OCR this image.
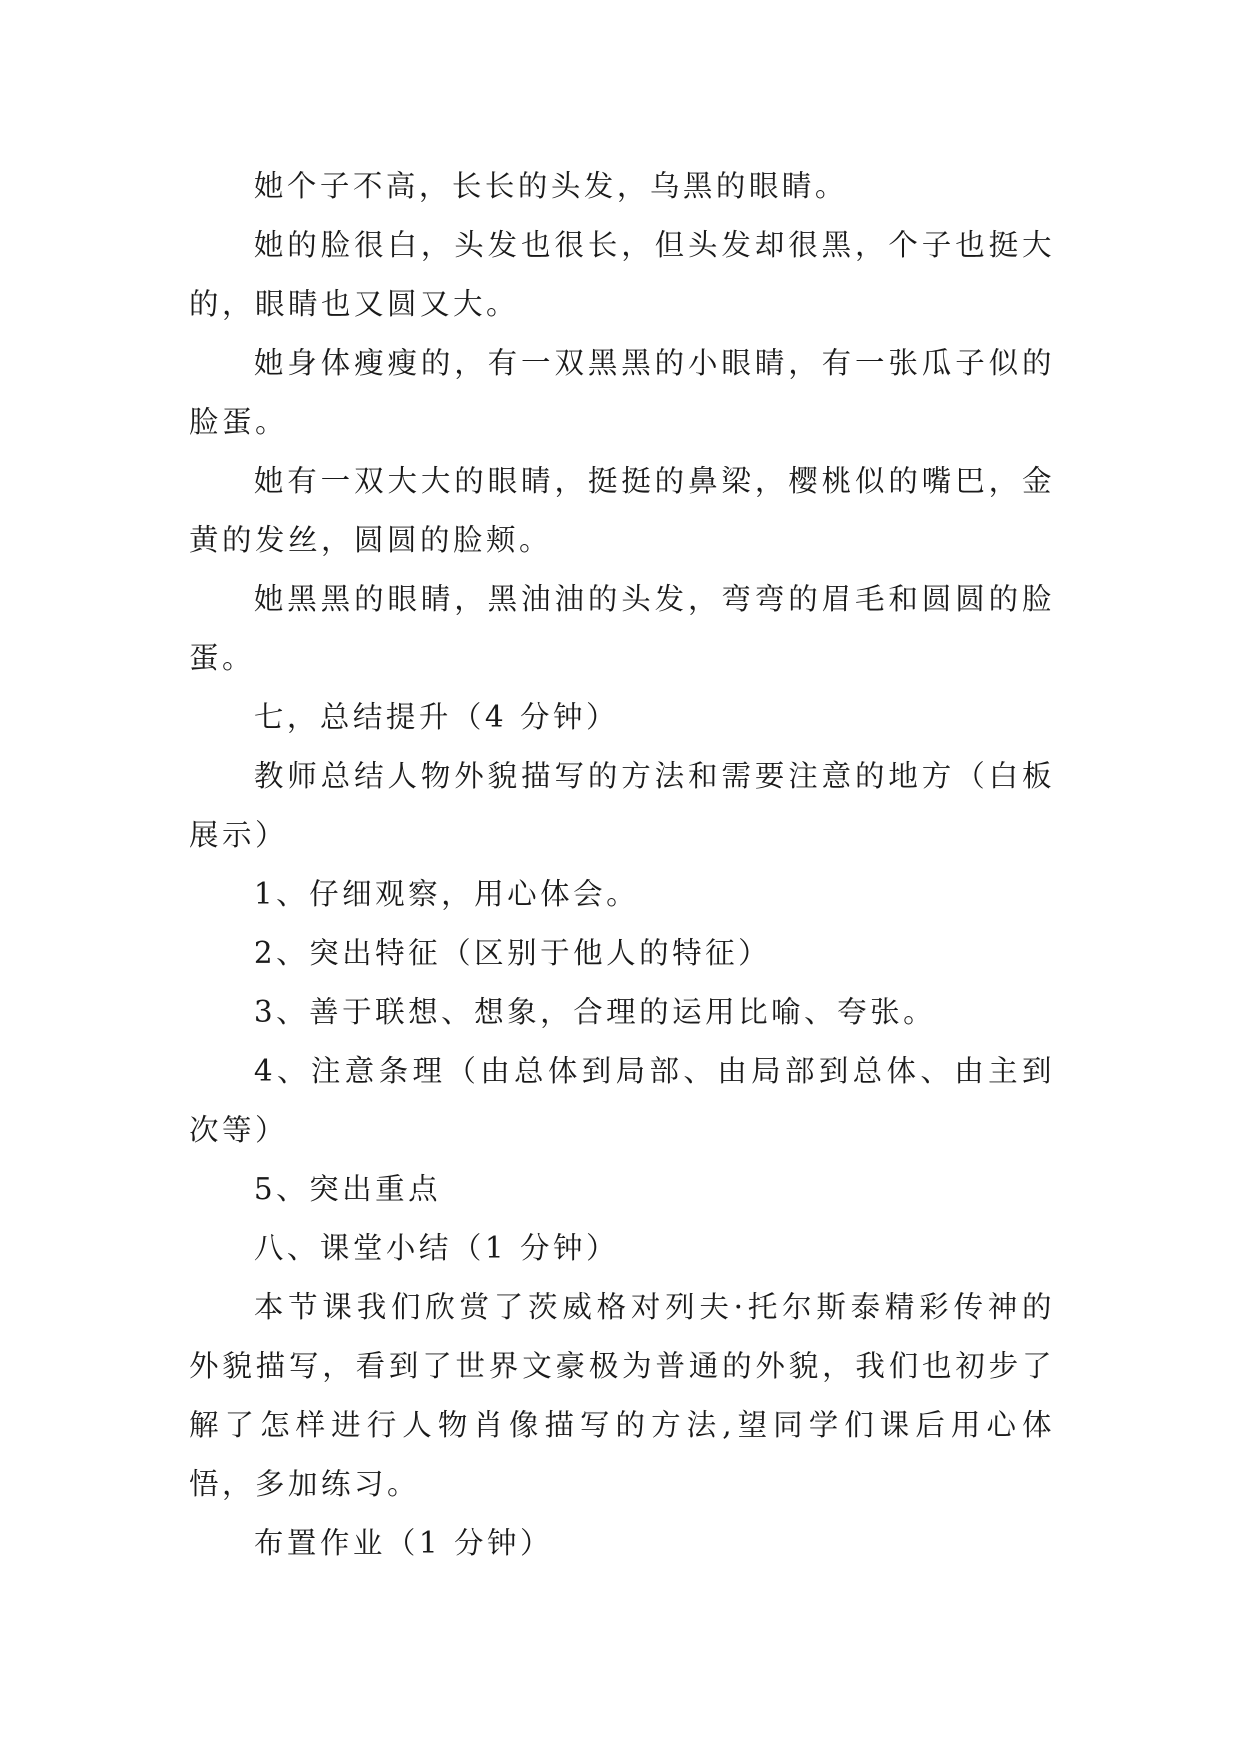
她个子不高，长长的头发，乌黑的眼睛。

她的脸很白，头发也很长，但头发却很黑，个子也挺大的，眼睛也又圆又大。

她身体瘦瘦的，有一双黑黑的小眼睛，有一张瓜子似的脸蛋。

她有一双大大的眼睛，挺挺的鼻梁，樱桃似的嘴巴，金黄的发丝，圆圆的脸颊。

她黑黑的眼睛，黑油油的头发，弯弯的眉毛和圆圆的脸蛋。

七，总结提升（4 分钟）

教师总结人物外貌描写的方法和需要注意的地方（白板展示）

1、仔细观察，用心体会。

2、突出特征（区别于他人的特征）

3、善于联想、想象，合理的运用比喻、夸张。

4、注意条理（由总体到局部、由局部到总体、由主到次等）

5、突出重点

八、课堂小结（1 分钟）

本节课我们欣赏了茨威格对列夫·托尔斯泰精彩传神的外貌描写，看到了世界文豪极为普通的外貌，我们也初步了解了怎样进行人物肖像描写的方法,望同学们课后用心体悟，多加练习。

布置作业（1 分钟）
